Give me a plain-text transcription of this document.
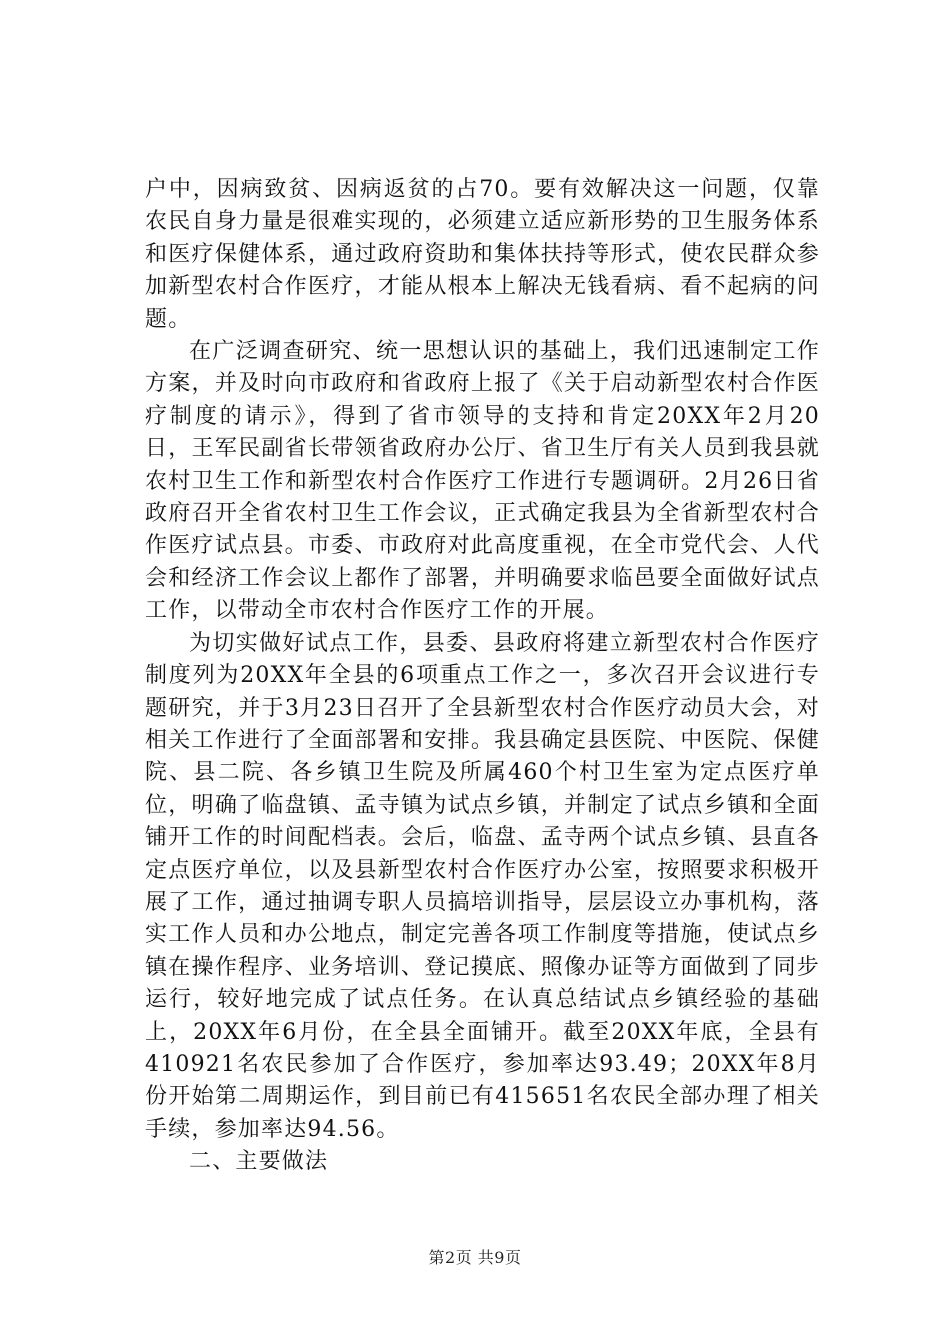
户中，因病致贫、因病返贫的占70。要有效解决这一问题，仅靠农民自身力量是很难实现的，必须建立适应新形势的卫生服务体系和医疗保健体系，通过政府资助和集体扶持等形式，使农民群众参加新型农村合作医疗，才能从根本上解决无钱看病、看不起病的问题。

在广泛调查研究、统一思想认识的基础上，我们迅速制定工作方案，并及时向市政府和省政府上报了《关于启动新型农村合作医疗制度的请示》，得到了省市领导的支持和肯定20XX年2月20日，王军民副省长带领省政府办公厅、省卫生厅有关人员到我县就农村卫生工作和新型农村合作医疗工作进行专题调研。2月26日省政府召开全省农村卫生工作会议，正式确定我县为全省新型农村合作医疗试点县。市委、市政府对此高度重视，在全市党代会、人代会和经济工作会议上都作了部署，并明确要求临邑要全面做好试点工作，以带动全市农村合作医疗工作的开展。

为切实做好试点工作，县委、县政府将建立新型农村合作医疗制度列为20XX年全县的6项重点工作之一，多次召开会议进行专题研究，并于3月23日召开了全县新型农村合作医疗动员大会，对相关工作进行了全面部署和安排。我县确定县医院、中医院、保健院、县二院、各乡镇卫生院及所属460个村卫生室为定点医疗单位，明确了临盘镇、孟寺镇为试点乡镇，并制定了试点乡镇和全面铺开工作的时间配档表。会后，临盘、孟寺两个试点乡镇、县直各定点医疗单位，以及县新型农村合作医疗办公室，按照要求积极开展了工作，通过抽调专职人员搞培训指导，层层设立办事机构，落实工作人员和办公地点，制定完善各项工作制度等措施，使试点乡镇在操作程序、业务培训、登记摸底、照像办证等方面做到了同步运行，较好地完成了试点任务。在认真总结试点乡镇经验的基础上，20XX年6月份，在全县全面铺开。截至20XX年底，全县有410921名农民参加了合作医疗，参加率达93.49；20XX年8月份开始第二周期运作，到目前已有415651名农民全部办理了相关手续，参加率达94.56。

二、主要做法

第2页 共9页
